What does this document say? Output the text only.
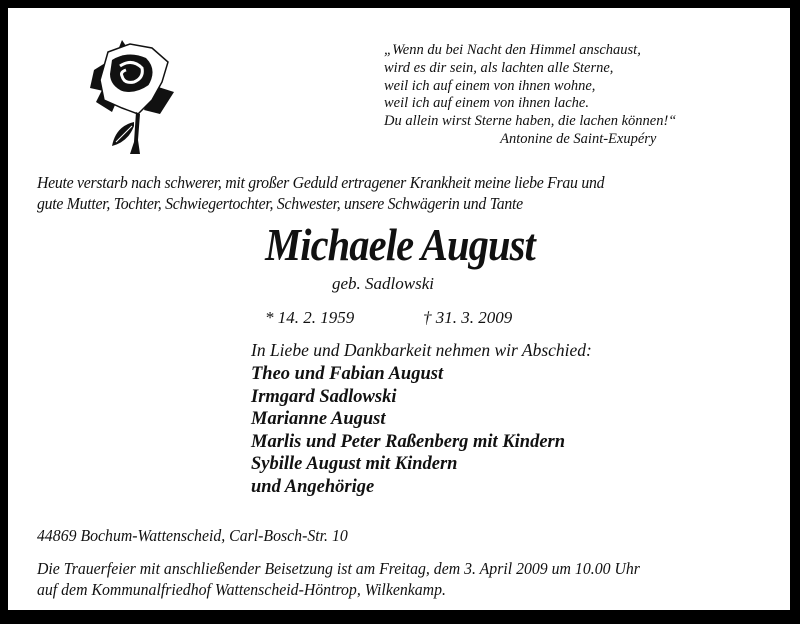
„Wenn du bei Nacht den Himmel anschaust,
wird es dir sein, als lachten alle Sterne,
weil ich auf einem von ihnen wohne,
weil ich auf einem von ihnen lache.
Du allein wirst Sterne haben, die lachen können!“
Antonine de Saint-Exupéry
Heute verstarb nach schwerer, mit großer Geduld ertragener Krankheit meine liebe Frau und
gute Mutter, Tochter, Schwiegertochter, Schwester, unsere Schwägerin und Tante
Michaele August
geb. Sadlowski
* 14. 2. 1959	† 31. 3. 2009
In Liebe und Dankbarkeit nehmen wir Abschied:
Theo und Fabian August
Irmgard Sadlowski
Marianne August
Marlis und Peter Raßenberg mit Kindern
Sybille August mit Kindern
und Angehörige
44869 Bochum-Wattenscheid, Carl-Bosch-Str. 10
Die Trauerfeier mit anschließender Beisetzung ist am Freitag, dem 3. April 2009 um 10.00 Uhr
auf dem Kommunalfriedhof Wattenscheid-Höntrop, Wilkenkamp.
